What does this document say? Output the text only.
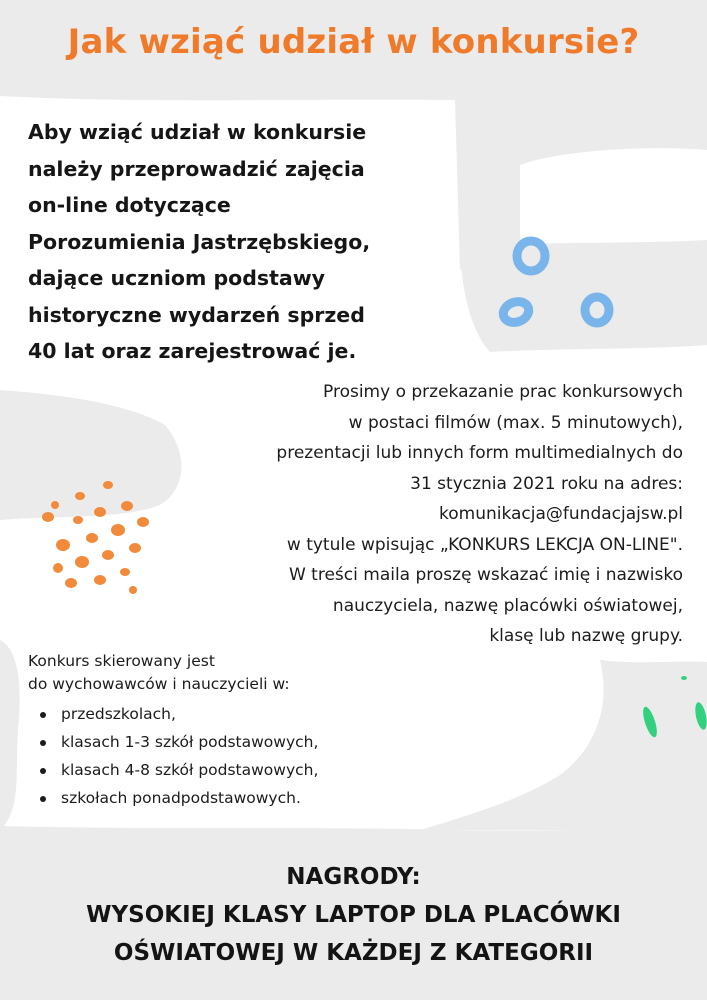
Jak wziąć udział w konkursie?

Aby wziąć udział w konkursie
należy przeprowadzić zajęcia
on-line dotyczące
Porozumienia Jastrzębskiego,
dające uczniom podstawy
historyczne wydarzeń sprzed
40 lat oraz zarejestrować je.

Prosimy o przekazanie prac konkursowych
w postaci filmów (max. 5 minutowych),
prezentacji lub innych form multimedialnych do
31 stycznia 2021 roku na adres:
komunikacja@fundacjajsw.pl
w tytule wpisując „KONKURS LEKCJA ON-LINE".
W treści maila proszę wskazać imię i nazwisko
nauczyciela, nazwę placówki oświatowej,
klasę lub nazwę grupy.

Konkurs skierowany jest
do wychowawców i nauczycieli w:
przedszkolach,
klasach 1-3 szkół podstawowych,
klasach 4-8 szkół podstawowych,
szkołach ponadpodstawowych.
NAGRODY:
WYSOKIEJ KLASY LAPTOP DLA PLACÓWKI
OŚWIATOWEJ W KAŻDEJ Z KATEGORII
